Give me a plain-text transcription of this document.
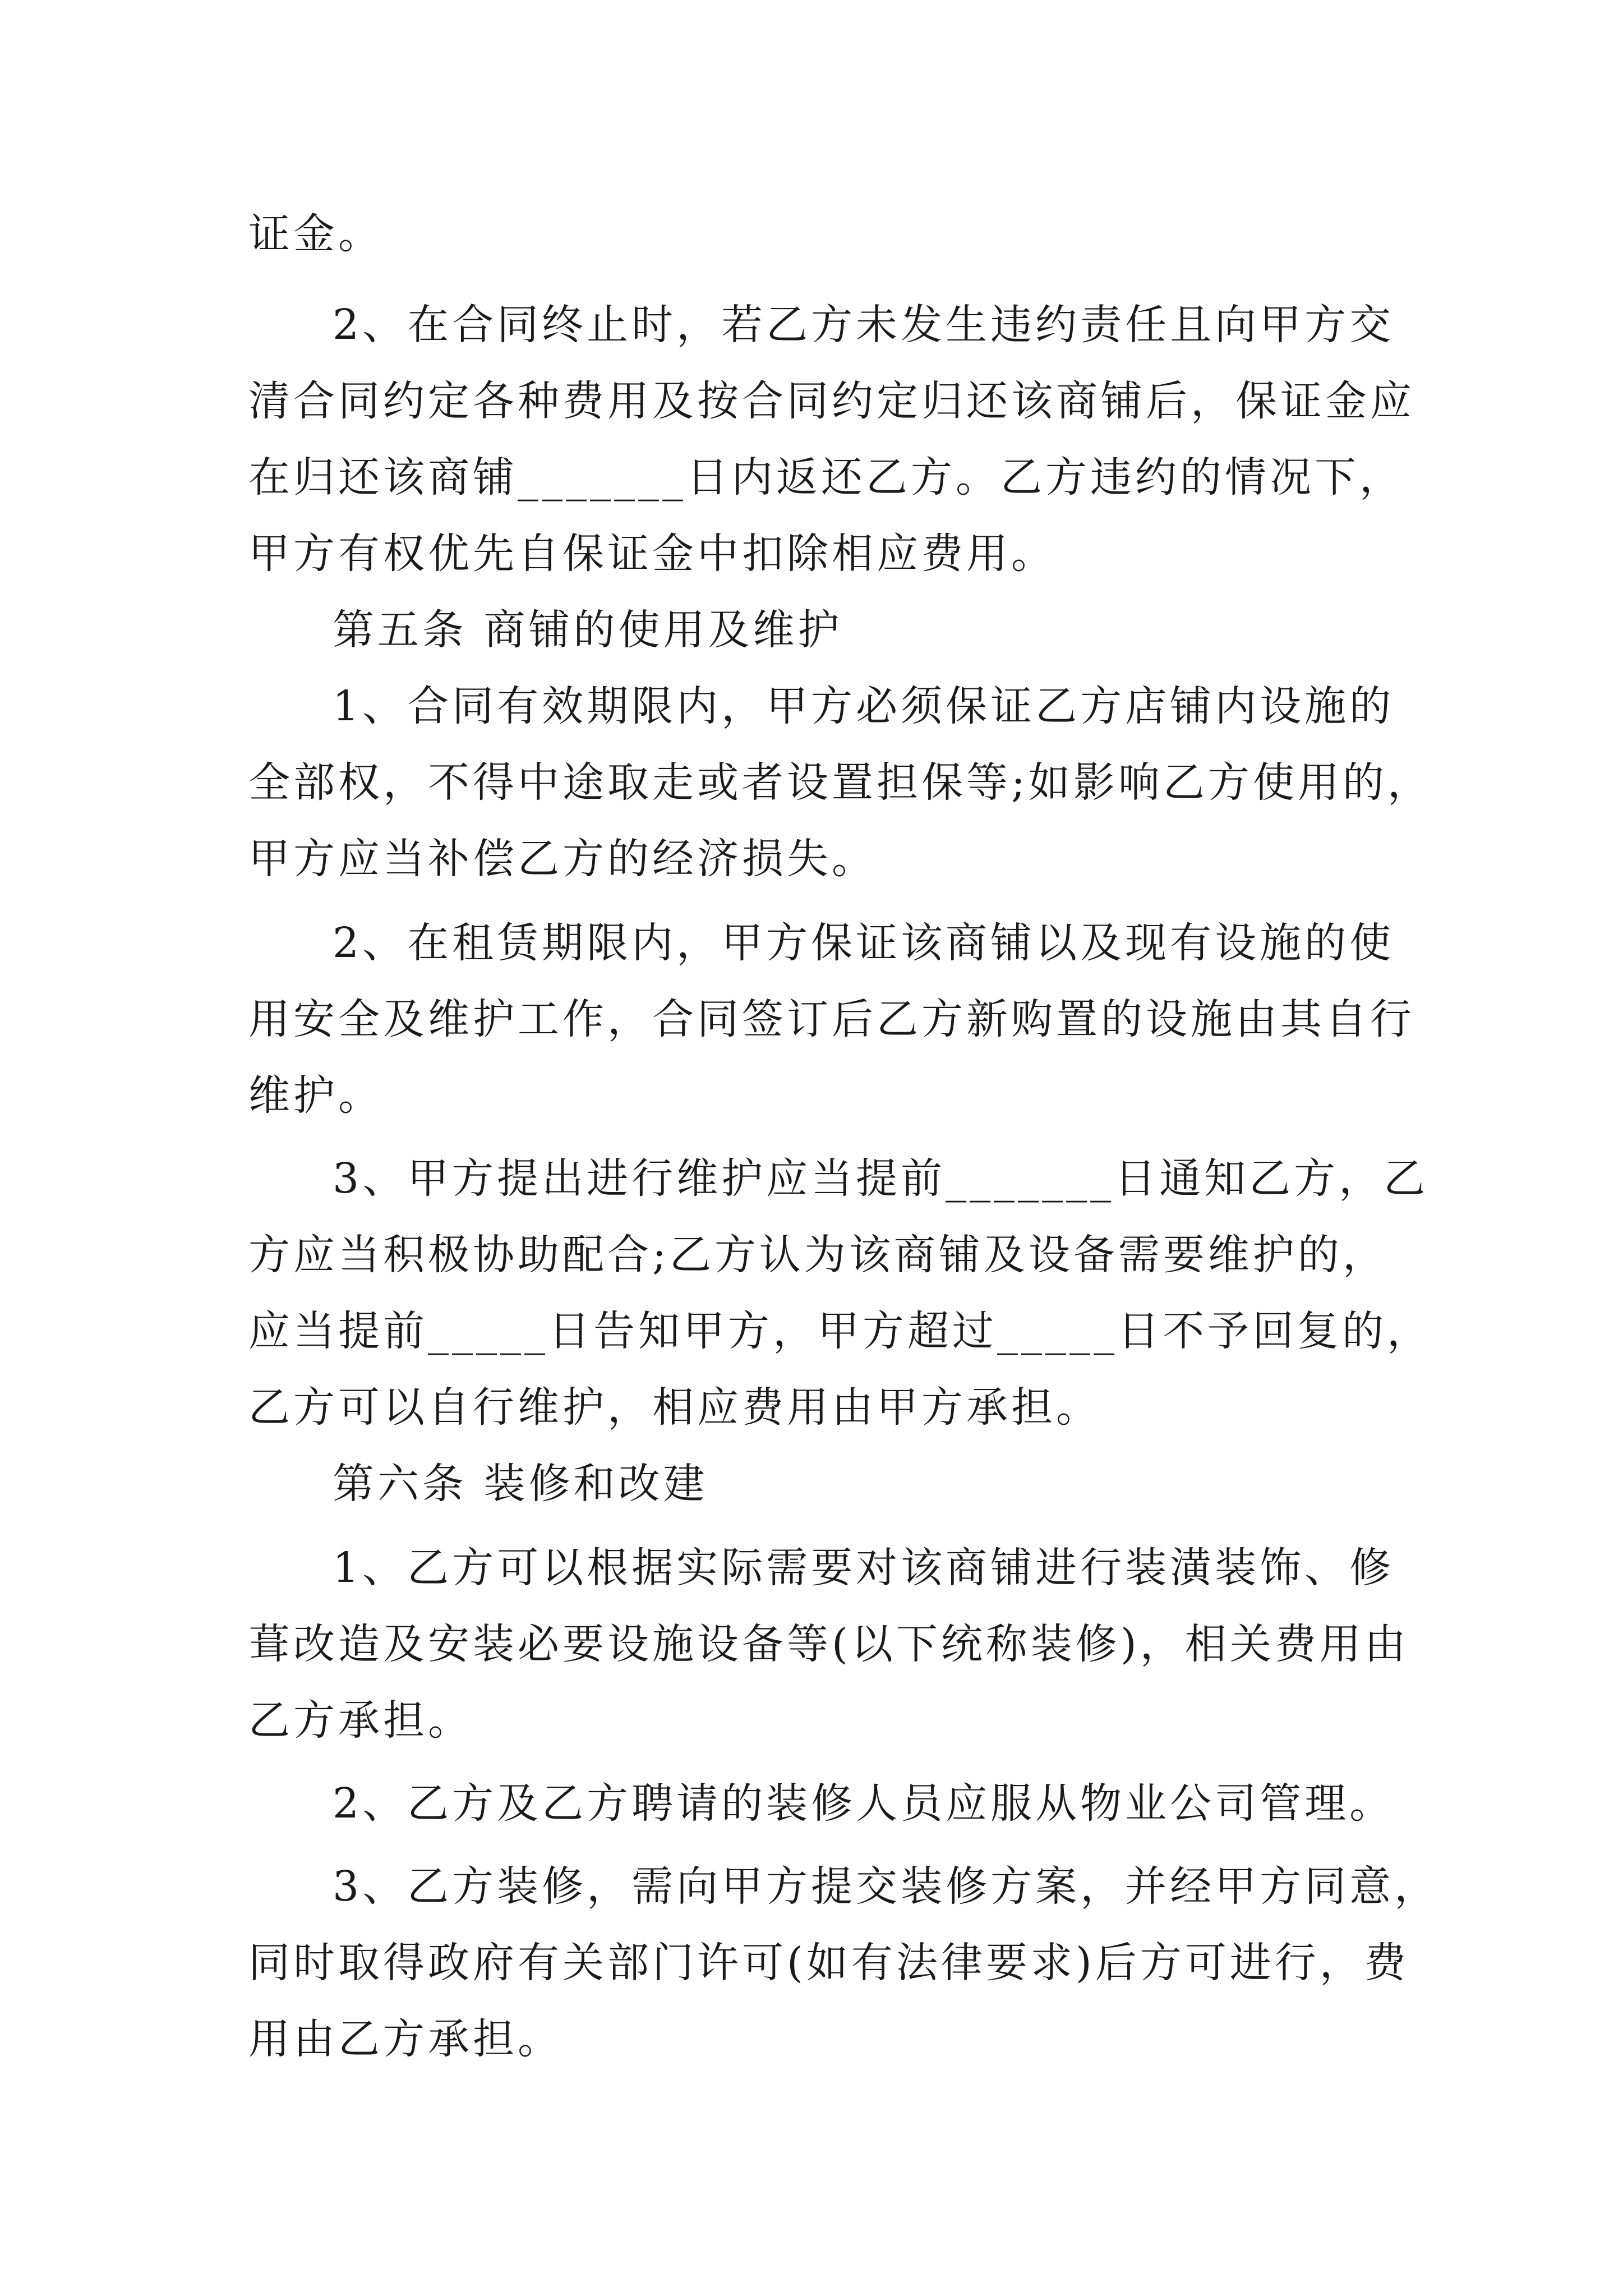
证金。
2、在合同终止时，若乙方未发生违约责任且向甲方交
清合同约定各种费用及按合同约定归还该商铺后，保证金应
在归还该商铺_______日内返还乙方。乙方违约的情况下，
甲方有权优先自保证金中扣除相应费用。
第五条 商铺的使用及维护
1、合同有效期限内，甲方必须保证乙方店铺内设施的
全部权，不得中途取走或者设置担保等;如影响乙方使用的，
甲方应当补偿乙方的经济损失。
2、在租赁期限内，甲方保证该商铺以及现有设施的使
用安全及维护工作，合同签订后乙方新购置的设施由其自行
维护。
3、甲方提出进行维护应当提前_______日通知乙方，乙
方应当积极协助配合;乙方认为该商铺及设备需要维护的，
应当提前_____日告知甲方，甲方超过_____日不予回复的，
乙方可以自行维护，相应费用由甲方承担。
第六条 装修和改建
1、乙方可以根据实际需要对该商铺进行装潢装饰、修
葺改造及安装必要设施设备等(以下统称装修)，相关费用由
乙方承担。
2、乙方及乙方聘请的装修人员应服从物业公司管理。
3、乙方装修，需向甲方提交装修方案，并经甲方同意，
同时取得政府有关部门许可(如有法律要求)后方可进行，费
用由乙方承担。
